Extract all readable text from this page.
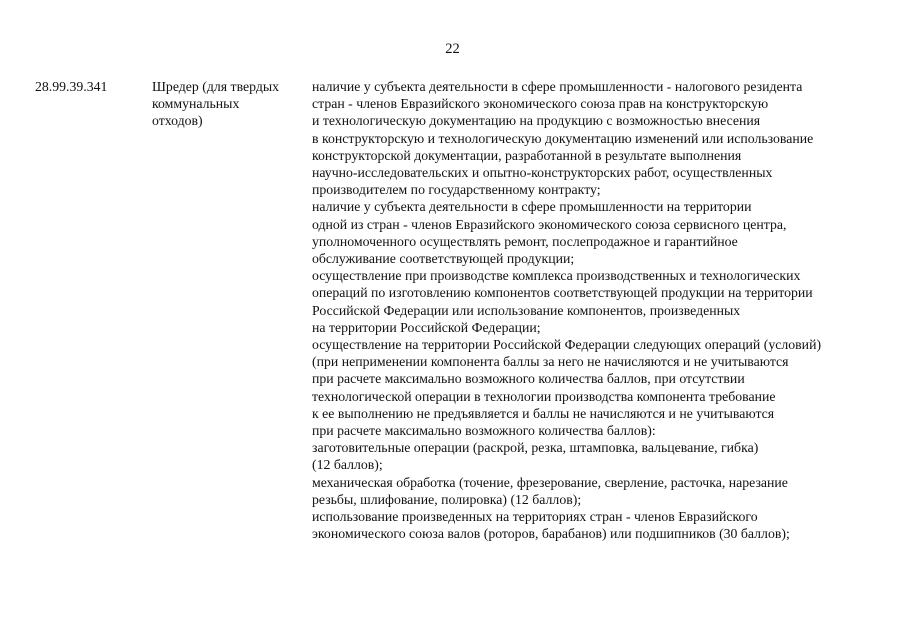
22
28.99.39.341	Шредер (для твердых
коммунальных
отходов)
наличие у субъекта деятельности в сфере промышленности - налогового резидента
стран - членов Евразийского экономического союза прав на конструкторскую
и технологическую документацию на продукцию с возможностью внесения
в конструкторскую и технологическую документацию изменений или использование
конструкторской документации, разработанной в результате выполнения
научно-исследовательских и опытно-конструкторских работ, осуществленных
производителем по государственному контракту;
наличие у субъекта деятельности в сфере промышленности на территории
одной из стран - членов Евразийского экономического союза сервисного центра,
уполномоченного осуществлять ремонт, послепродажное и гарантийное
обслуживание соответствующей продукции;
осуществление при производстве комплекса производственных и технологических
операций по изготовлению компонентов соответствующей продукции на территории
Российской Федерации или использование компонентов, произведенных
на территории Российской Федерации;
осуществление на территории Российской Федерации следующих операций (условий)
(при неприменении компонента баллы за него не начисляются и не учитываются
при расчете максимально возможного количества баллов, при отсутствии
технологической операции в технологии производства компонента требование
к ее выполнению не предъявляется и баллы не начисляются и не учитываются
при расчете максимально возможного количества баллов):
заготовительные операции (раскрой, резка, штамповка, вальцевание, гибка)
(12 баллов);
механическая обработка (точение, фрезерование, сверление, расточка, нарезание
резьбы, шлифование, полировка) (12 баллов);
использование произведенных на территориях стран - членов Евразийского
экономического союза валов (роторов, барабанов) или подшипников (30 баллов);
